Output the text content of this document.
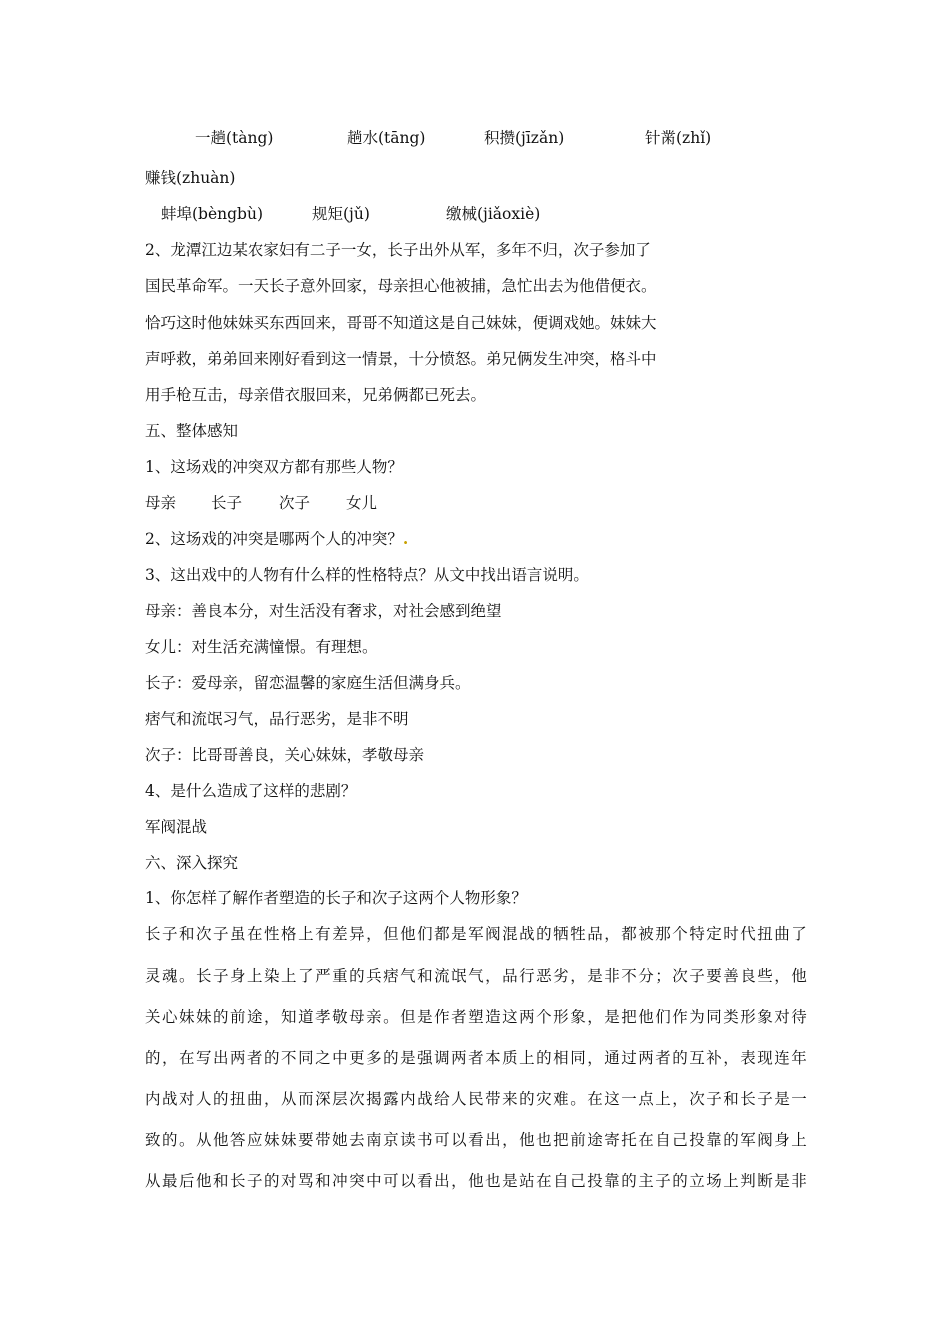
一趟(tàng)	趟水(tāng)	积攒(jīzǎn)	针黹(zhǐ)
赚钱(zhuàn)
蚌埠(bèngbù)	规矩(jǔ)	缴械(jiǎoxiè)
2、龙潭江边某农家妇有二子一女，长子出外从军，多年不归，次子参加了
国民革命军。一天长子意外回家，母亲担心他被捕，急忙出去为他借便衣。
恰巧这时他妹妹买东西回来，哥哥不知道这是自己妹妹，便调戏她。妹妹大
声呼救，弟弟回来刚好看到这一情景，十分愤怒。弟兄俩发生冲突，格斗中
用手枪互击，母亲借衣服回来，兄弟俩都已死去。
五、整体感知
1、这场戏的冲突双方都有那些人物？
母亲 长子 次子 女儿
2、这场戏的冲突是哪两个人的冲突？.
3、这出戏中的人物有什么样的性格特点？从文中找出语言说明。
母亲：善良本分，对生活没有奢求，对社会感到绝望
女儿：对生活充满憧憬。有理想。
长子：爱母亲，留恋温馨的家庭生活但满身兵。
痞气和流氓习气，品行恶劣，是非不明
次子：比哥哥善良，关心妹妹，孝敬母亲
4、是什么造成了这样的悲剧？
军阀混战
六、深入探究
1、你怎样了解作者塑造的长子和次子这两个人物形象？
长子和次子虽在性格上有差异，但他们都是军阀混战的牺牲品，都被那个特定时代扭曲了
灵魂。长子身上染上了严重的兵痞气和流氓气，品行恶劣，是非不分；次子要善良些，他
关心妹妹的前途，知道孝敬母亲。但是作者塑造这两个形象，是把他们作为同类形象对待
的，在写出两者的不同之中更多的是强调两者本质上的相同，通过两者的互补，表现连年
内战对人的扭曲，从而深层次揭露内战给人民带来的灾难。在这一点上，次子和长子是一
致的。从他答应妹妹要带她去南京读书可以看出，他也把前途寄托在自己投靠的军阀身上
从最后他和长子的对骂和冲突中可以看出，他也是站在自己投靠的主子的立场上判断是非
